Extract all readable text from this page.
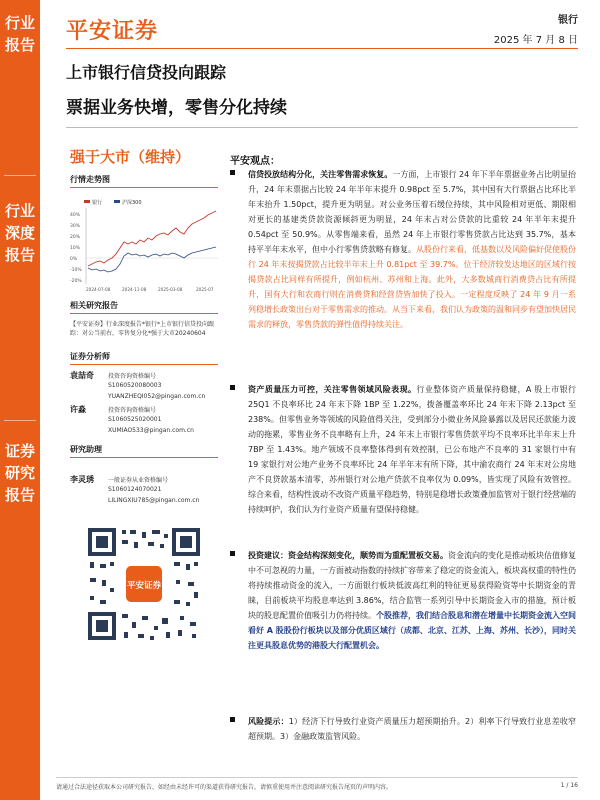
行业
报告
行业
深度
报告
证券
研究
报告
平安证券	银行
2025 年 7 月 8 日
上市银行信贷投向跟踪
票据业务快增，零售分化持续
强于大市（维持）
行情走势图
银行	沪深300
40%
30%
20%
10%
0%
-10%
-20%
2024-07-08	2024-11-08	2025-03-08	2025-07
相关研究报告
【平安证券】行业深度报告*银行*上市银行信贷投向跟踪：对公当前右，零售复分化*强于大市20240604
证券分析师
袁喆奇 投资咨询资格编号
S1060520080003
YUANZHEQI052@pingan.com.cn
许淼	投资咨询资格编号
S1060525020001
XUMIAO533@pingan.com.cn
研究助理
李灵琇 一般证券从业资格编号
S1060124070021
LILINGXIU785@pingan.com.cn
平安证券
平安观点：
信贷投放结构分化，关注零售需求恢复。一方面，上市银行 24 年下半年票据业务占比明显抬升，24 年末票据占比较 24 年半年末提升 0.98pct 至 5.7%，其中国有大行票据占比环比半年末抬升 1.50pct，提升更为明显。对公业务压着石缓位持续，其中风险相对更低、期限相对更长的基建类贷款资源倾斜更为明显，24 年末占对公贷款的比重较 24 年半年末提升 0.54pct 至 50.9%。从零售端来看，虽然 24 年上市银行零售贷款占比达到 35.7%，基本持平半年末水平，但中小行零售贷款略有修复。从股份行来看，低基数以及风险偏好促使股份行 24 年末按揭贷款占比较半年末上升 0.81pct 至 39.7%。位于经济较发达地区的区域行按揭贷款占比同样有所提升，例如杭州、苏州和上海。此外，大多数城商行消费贷占比有所提升，国有大行和农商行则在消费贷和经营贷皆加快了投入。一定程度反映了 24 年 9 月一系列稳增长政策出台对于零售需求的推动。从当下来看，我们认为政策的温和同步有望加快居民需求的释放，零售贷款的弹性值得持续关注。
资产质量压力可控，关注零售领域风险表现。行业整体资产质量保持稳健，A 股上市银行 25Q1 不良率环比 24 年末下降 1BP 至 1.22%，拨备覆盖率环比 24 年末下降 2.13pct 至 238%。但零售业务等领域的风险值得关注，受到部分小微业务风险暴露以及居民还款能力波动的拖累，零售业务不良率略有上升，24 年末上市银行零售贷款平均不良率环比半年末上升 7BP 至 1.43%。地产领域不良率整体得到有效控制，已公布地产不良率的 31 家银行中有 19 家银行对公地产业务不良率环比 24 年半年末有所下降，其中渝农商行 24 年末对公房地产不良贷款基本清零，苏州银行对公地产贷款不良率仅为 0.09%，皆实现了风险有效管控。综合来看，结构性波动不改资产质量平稳趋势，特别是稳增长政策叠加监管对于银行经营端的持续呵护，我们认为行业资产质量有望保持稳健。
投资建议：资金结构深刻变化，顺势而为重配置板交易。资金流向的变化是推动板块估值修复中不可忽视的力量，一方面被动指数的持续扩容带来了稳定的资金流入，板块高权重的特性仍将持续推动资金的流入，一方面银行板块低波高红利的特征更易获得险资等中长期资金的青睐，目前板块平均股息率达到 3.86%，结合监管一系列引导中长期资金入市的措施，预计板块的股息配置价值吸引力仍将持续。个股推荐，我们结合股息和潜在增量中长期资金流入空间看好 A 股股份行板块以及部分优质区域行（成都、北京、江苏、上海、苏州、长沙），同时关注更具股息优势的港股大行配置机会。
风险提示：1）经济下行导致行业资产质量压力超预期抬升。2）利率下行导致行业息差收窄超预期。3）金融政策监管风险。
请通过合法途径获取本公司研究报告，如经由未经许可的渠道获得研究报告，请慎重使用并注意阅读研究报告尾页的声明内容。	1 / 16
